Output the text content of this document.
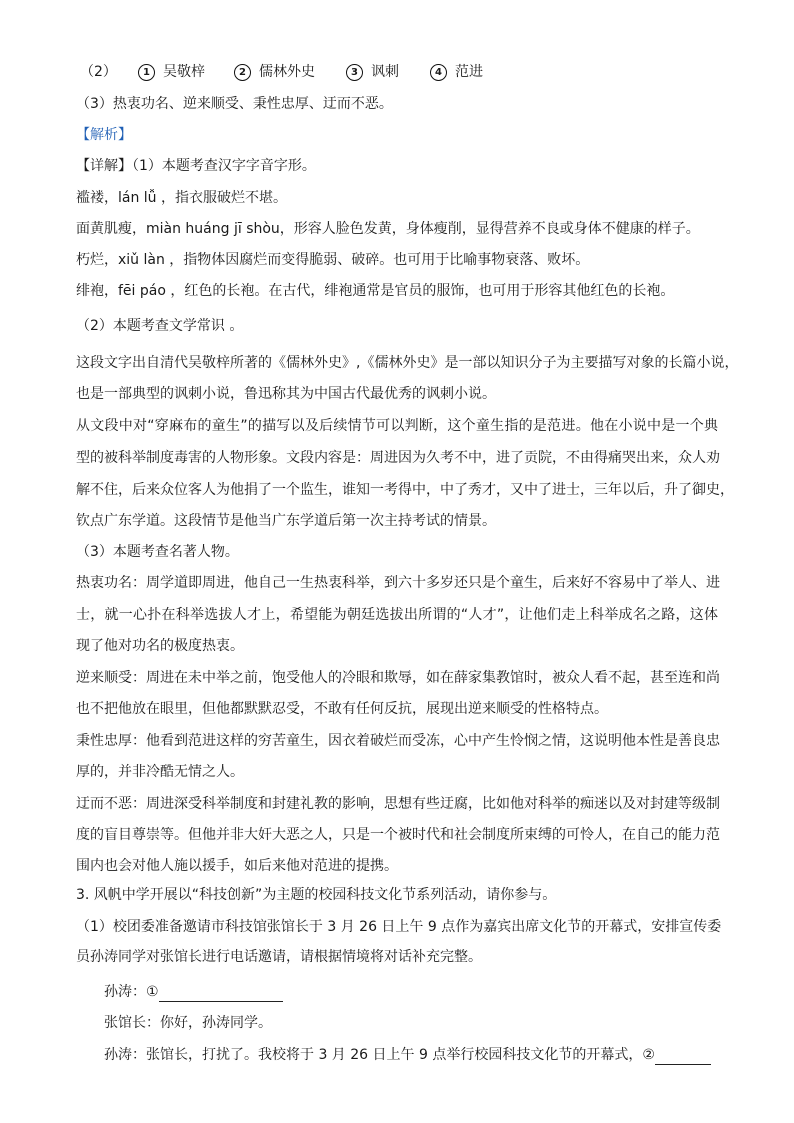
（2）	1 吴敬梓	2 儒林外史	3 讽刺	4 范进
（3）热衷功名、逆来顺受、秉性忠厚、迂而不恶。
【解析】
【详解】（1）本题考查汉字字音字形。
褴褛，lán lǚ ，指衣服破烂不堪。
面黄肌瘦，miàn huáng jī shòu，形容人脸色发黄，身体瘦削，显得营养不良或身体不健康的样子。
朽烂，xiǔ làn ，指物体因腐烂而变得脆弱、破碎。也可用于比喻事物衰落、败坏。
绯袍，fēi páo ，红色的长袍。在古代，绯袍通常是官员的服饰，也可用于形容其他红色的长袍。
（2）本题考查文学常识 。
这段文字出自清代吴敬梓所著的《儒林外史》,《儒林外史》是一部以知识分子为主要描写对象的长篇小说，
也是一部典型的讽刺小说，鲁迅称其为中国古代最优秀的讽刺小说。
从文段中对“穿麻布的童生”的描写以及后续情节可以判断，这个童生指的是范进。他在小说中是一个典
型的被科举制度毒害的人物形象。文段内容是：周进因为久考不中，进了贡院，不由得痛哭出来，众人劝
解不住，后来众位客人为他捐了一个监生，谁知一考得中，中了秀才，又中了进士，三年以后，升了御史，
钦点广东学道。这段情节是他当广东学道后第一次主持考试的情景。
（3）本题考查名著人物。
热衷功名：周学道即周进，他自己一生热衷科举，到六十多岁还只是个童生，后来好不容易中了举人、进
士，就一心扑在科举选拔人才上，希望能为朝廷选拔出所谓的“人才”，让他们走上科举成名之路，这体
现了他对功名的极度热衷。
逆来顺受：周进在未中举之前，饱受他人的冷眼和欺辱，如在薛家集教馆时，被众人看不起，甚至连和尚
也不把他放在眼里，但他都默默忍受，不敢有任何反抗，展现出逆来顺受的性格特点。
秉性忠厚：他看到范进这样的穷苦童生，因衣着破烂而受冻，心中产生怜悯之情，这说明他本性是善良忠
厚的，并非冷酷无情之人。
迂而不恶：周进深受科举制度和封建礼教的影响，思想有些迂腐，比如他对科举的痴迷以及对封建等级制
度的盲目尊崇等。但他并非大奸大恶之人，只是一个被时代和社会制度所束缚的可怜人，在自己的能力范
围内也会对他人施以援手，如后来他对范进的提携。
3. 风帆中学开展以“科技创新”为主题的校园科技文化节系列活动，请你参与。
（1）校团委准备邀请市科技馆张馆长于 3 月 26 日上午 9 点作为嘉宾出席文化节的开幕式，安排宣传委
员孙涛同学对张馆长进行电话邀请，请根据情境将对话补充完整。
孙涛：①
张馆长：你好，孙涛同学。
孙涛：张馆长，打扰了。我校将于 3 月 26 日上午 9 点举行校园科技文化节的开幕式，②
